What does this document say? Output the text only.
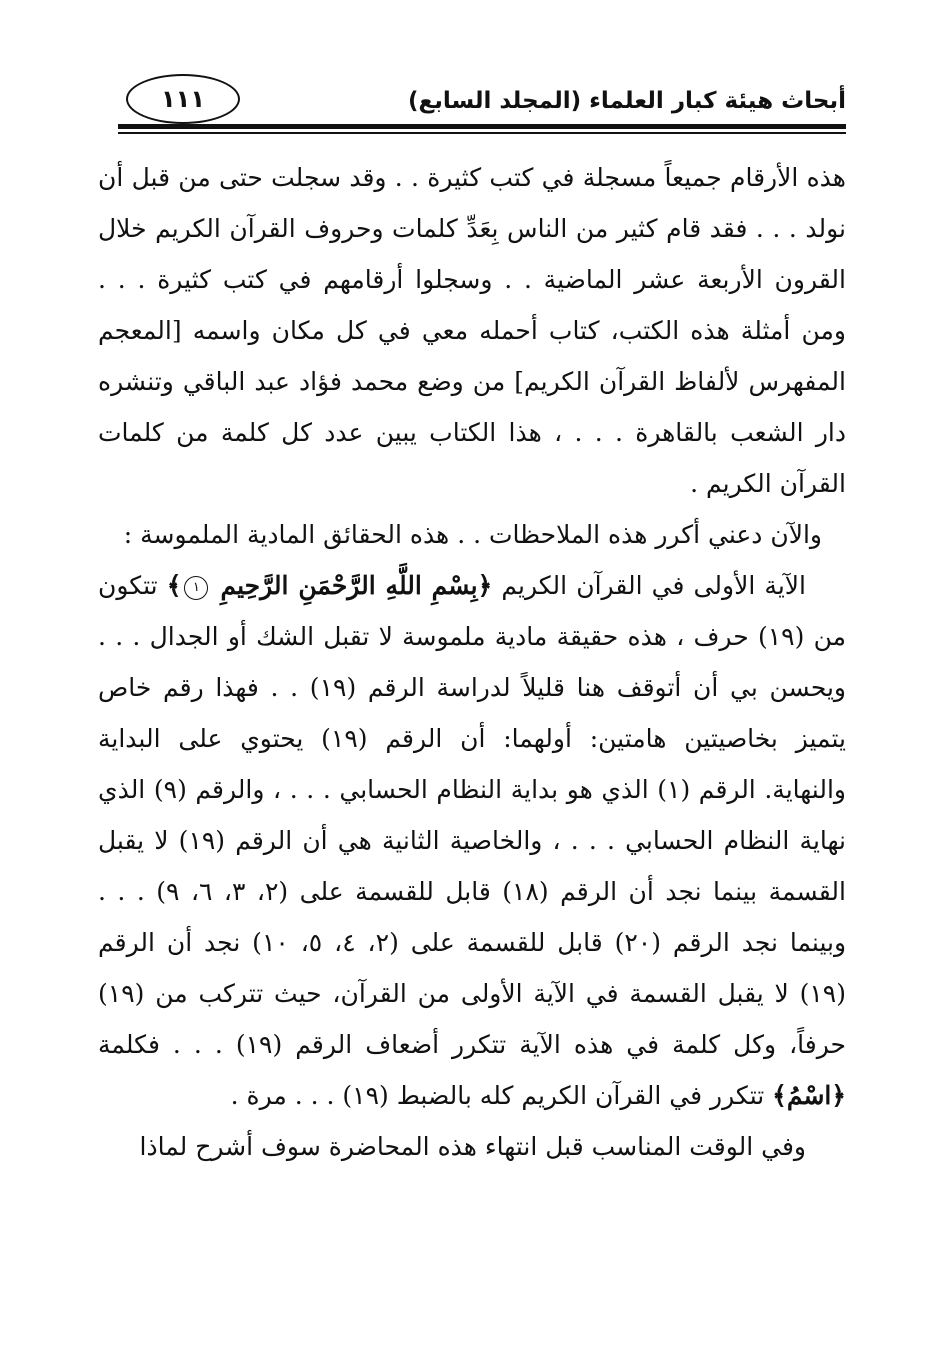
أبحاث هيئة كبار العلماء (المجلد السابع)
١١١

هذه الأرقام جميعاً مسجلة في كتب كثيرة . . وقد سجلت حتى من قبل أن نولد . . . فقد قام كثير من الناس بِعَدِّ كلمات وحروف القرآن الكريم خلال القرون الأربعة عشر الماضية . . وسجلوا أرقامهم في كتب كثيرة . . . ومن أمثلة هذه الكتب، كتاب أحمله معي في كل مكان واسمه [المعجم المفهرس لألفاظ القرآن الكريم] من وضع محمد فؤاد عبد الباقي وتنشره دار الشعب بالقاهرة . . . ، هذا الكتاب يبين عدد كل كلمة من كلمات القرآن الكريم .

والآن دعني أكرر هذه الملاحظات . . هذه الحقائق المادية الملموسة :

الآية الأولى في القرآن الكريم ﴿بِسْمِ اللَّهِ الرَّحْمَنِ الرَّحِيمِ ١﴾ تتكون من (١٩) حرف ، هذه حقيقة مادية ملموسة لا تقبل الشك أو الجدال . . . ويحسن بي أن أتوقف هنا قليلاً لدراسة الرقم (١٩) . . فهذا رقم خاص يتميز بخاصيتين هامتين: أولهما: أن الرقم (١٩) يحتوي على البداية والنهاية. الرقم (١) الذي هو بداية النظام الحسابي . . . ، والرقم (٩) الذي نهاية النظام الحسابي . . . ، والخاصية الثانية هي أن الرقم (١٩) لا يقبل القسمة بينما نجد أن الرقم (١٨) قابل للقسمة على (٢، ٣، ٦، ٩) . . . وبينما نجد الرقم (٢٠) قابل للقسمة على (٢، ٤، ٥، ١٠) نجد أن الرقم (١٩) لا يقبل القسمة في الآية الأولى من القرآن، حيث تتركب من (١٩) حرفاً، وكل كلمة في هذه الآية تتكرر أضعاف الرقم (١٩) . . . فكلمة ﴿اسْمُ﴾ تتكرر في القرآن الكريم كله بالضبط (١٩) . . . مرة .

وفي الوقت المناسب قبل انتهاء هذه المحاضرة سوف أشرح لماذا
